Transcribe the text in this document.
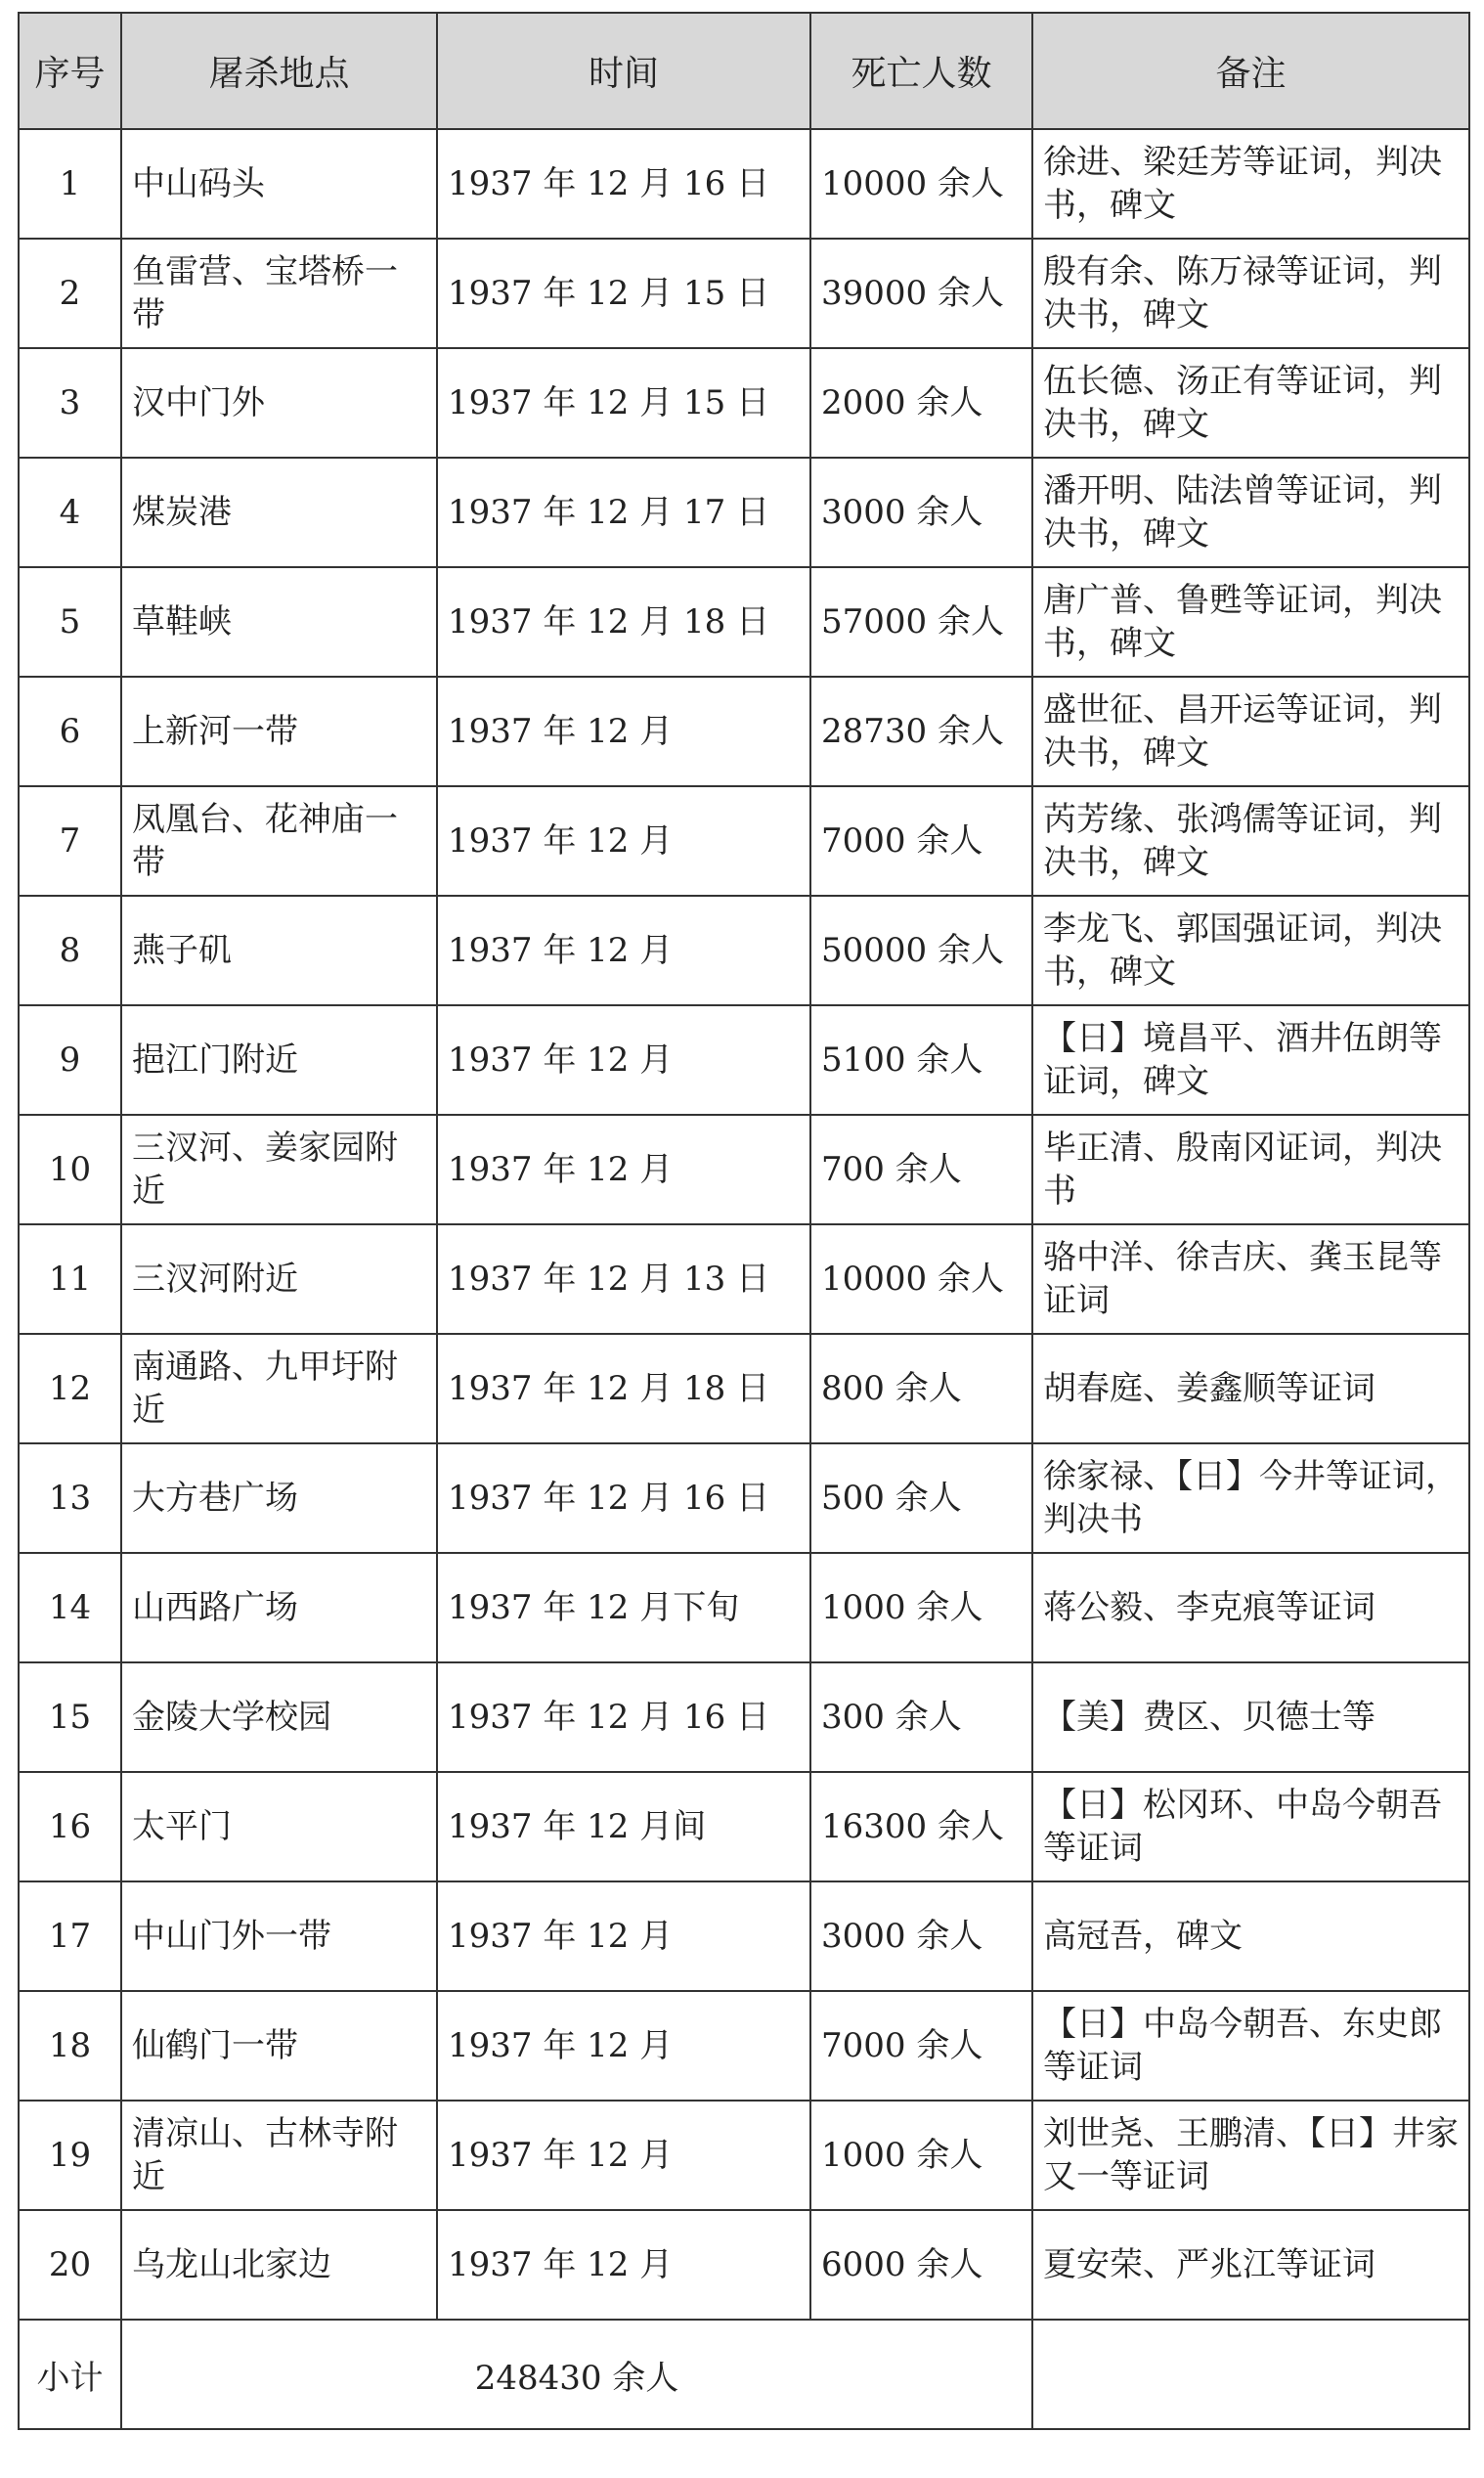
序号	屠杀地点	时间	死亡人数	备注
1	中山码头	1937 年 12 月 16 日	10000 余人	徐进、梁廷芳等证词，判决书，碑文
2	鱼雷营、宝塔桥一带	1937 年 12 月 15 日	39000 余人	殷有余、陈万禄等证词，判决书，碑文
3	汉中门外	1937 年 12 月 15 日	2000 余人	伍长德、汤正有等证词，判决书，碑文
4	煤炭港	1937 年 12 月 17 日	3000 余人	潘开明、陆法曾等证词，判决书，碑文
5	草鞋峡	1937 年 12 月 18 日	57000 余人	唐广普、鲁甦等证词，判决书，碑文
6	上新河一带	1937 年 12 月	28730 余人	盛世征、昌开运等证词，判决书，碑文
7	凤凰台、花神庙一带	1937 年 12 月	7000 余人	芮芳缘、张鸿儒等证词，判决书，碑文
8	燕子矶	1937 年 12 月	50000 余人	李龙飞、郭国强证词，判决书，碑文
9	挹江门附近	1937 年 12 月	5100 余人	【日】境昌平、酒井伍朗等证词，碑文
10	三汊河、姜家园附近	1937 年 12 月	700 余人	毕正清、殷南冈证词，判决书
11	三汊河附近	1937 年 12 月 13 日	10000 余人	骆中洋、徐吉庆、龚玉昆等证词
12	南通路、九甲圩附近	1937 年 12 月 18 日	800 余人	胡春庭、姜鑫顺等证词
13	大方巷广场	1937 年 12 月 16 日	500 余人	徐家禄、【日】今井等证词，判决书
14	山西路广场	1937 年 12 月下旬	1000 余人	蒋公毅、李克痕等证词
15	金陵大学校园	1937 年 12 月 16 日	300 余人	【美】费区、贝德士等
16	太平门	1937 年 12 月间	16300 余人	【日】松冈环、中岛今朝吾等证词
17	中山门外一带	1937 年 12 月	3000 余人	高冠吾，碑文
18	仙鹤门一带	1937 年 12 月	7000 余人	【日】中岛今朝吾、东史郎等证词
19	清凉山、古林寺附近	1937 年 12 月	1000 余人	刘世尧、王鹏清、【日】井家又一等证词
20	乌龙山北家边	1937 年 12 月	6000 余人	夏安荣、严兆江等证词
小计	248430 余人			
